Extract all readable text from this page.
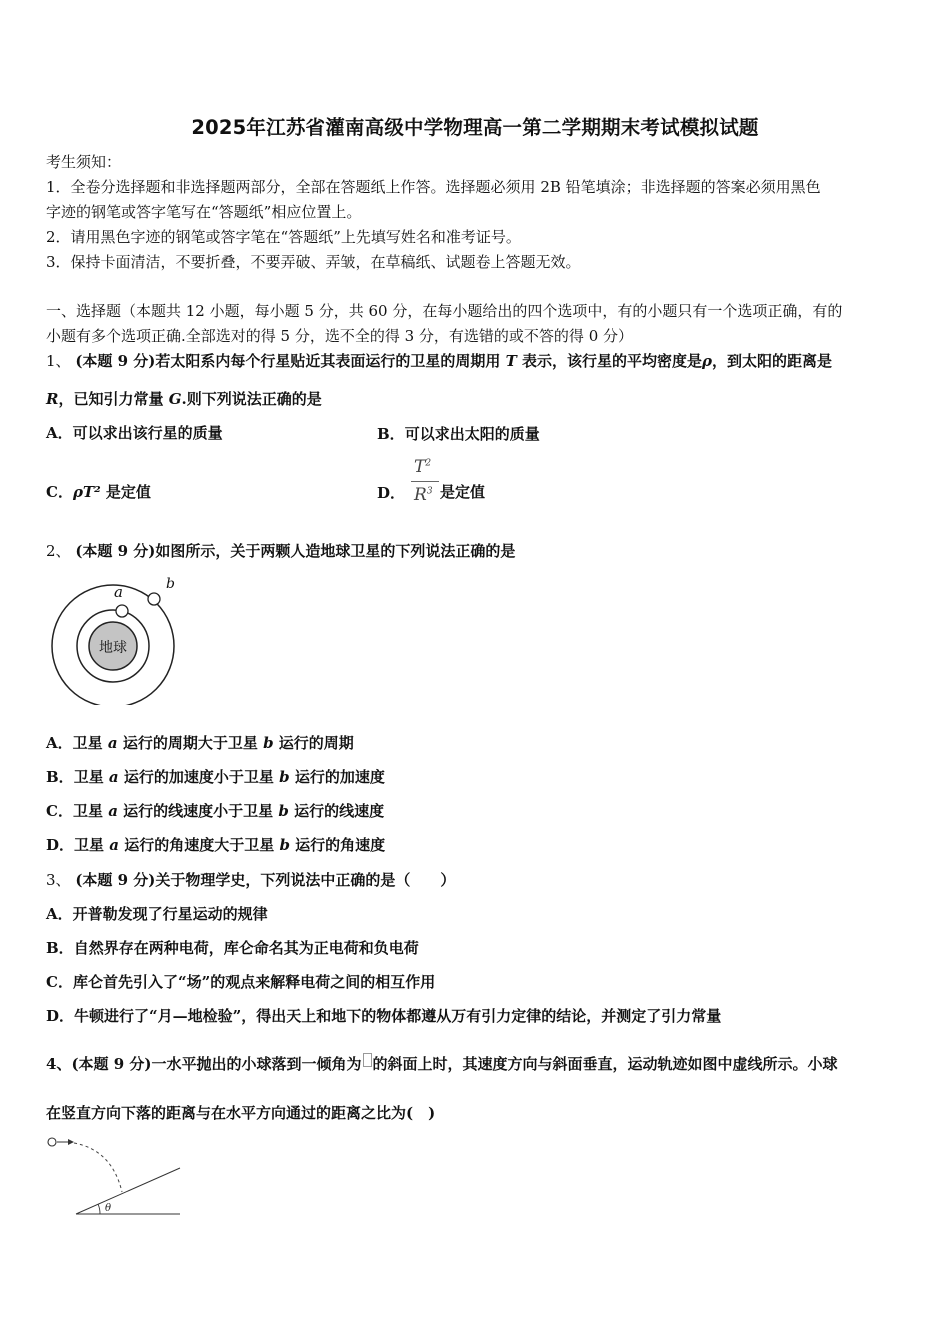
2025年江苏省灌南高级中学物理高一第二学期期末考试模拟试题
考生须知：
1．全卷分选择题和非选择题两部分，全部在答题纸上作答。选择题必须用 2B 铅笔填涂；非选择题的答案必须用黑色
字迹的钢笔或答字笔写在“答题纸”相应位置上。
2．请用黑色字迹的钢笔或答字笔在“答题纸”上先填写姓名和准考证号。
3．保持卡面清洁，不要折叠，不要弄破、弄皱，在草稿纸、试题卷上答题无效。
一、选择题（本题共 12 小题，每小题 5 分，共 60 分，在每小题给出的四个选项中，有的小题只有一个选项正确，有的
小题有多个选项正确.全部选对的得 5 分，选不全的得 3 分，有选错的或不答的得 0 分）
1、 (本题 9 分)若太阳系内每个行星贴近其表面运行的卫星的周期用 T 表示，该行星的平均密度是ρ，到太阳的距离是
R，已知引力常量 G.则下列说法正确的是
A．可以求出该行星的质量	B．可以求出太阳的质量
C．ρT² 是定值	D．
$T^2$
$R^3$ 是定值
2、 (本题 9 分)如图所示，关于两颗人造地球卫星的下列说法正确的是
地球
a	b
A．卫星 a 运行的周期大于卫星 b 运行的周期
B．卫星 a 运行的加速度小于卫星 b 运行的加速度
C．卫星 a 运行的线速度小于卫星 b 运行的线速度
D．卫星 a 运行的角速度大于卫星 b 运行的角速度
3、 (本题 9 分)关于物理学史，下列说法中正确的是（　　）
A．开普勒发现了行星运动的规律
B．自然界存在两种电荷，库仑命名其为正电荷和负电荷
C．库仑首先引入了“场”的观点来解释电荷之间的相互作用
D．牛顿进行了“月—地检验”，得出天上和地下的物体都遵从万有引力定律的结论，并测定了引力常量
4、(本题 9 分)一水平抛出的小球落到一倾角为 的斜面上时，其速度方向与斜面垂直，运动轨迹如图中虚线所示。小球
在竖直方向下落的距离与在水平方向通过的距离之比为(　)
θ
